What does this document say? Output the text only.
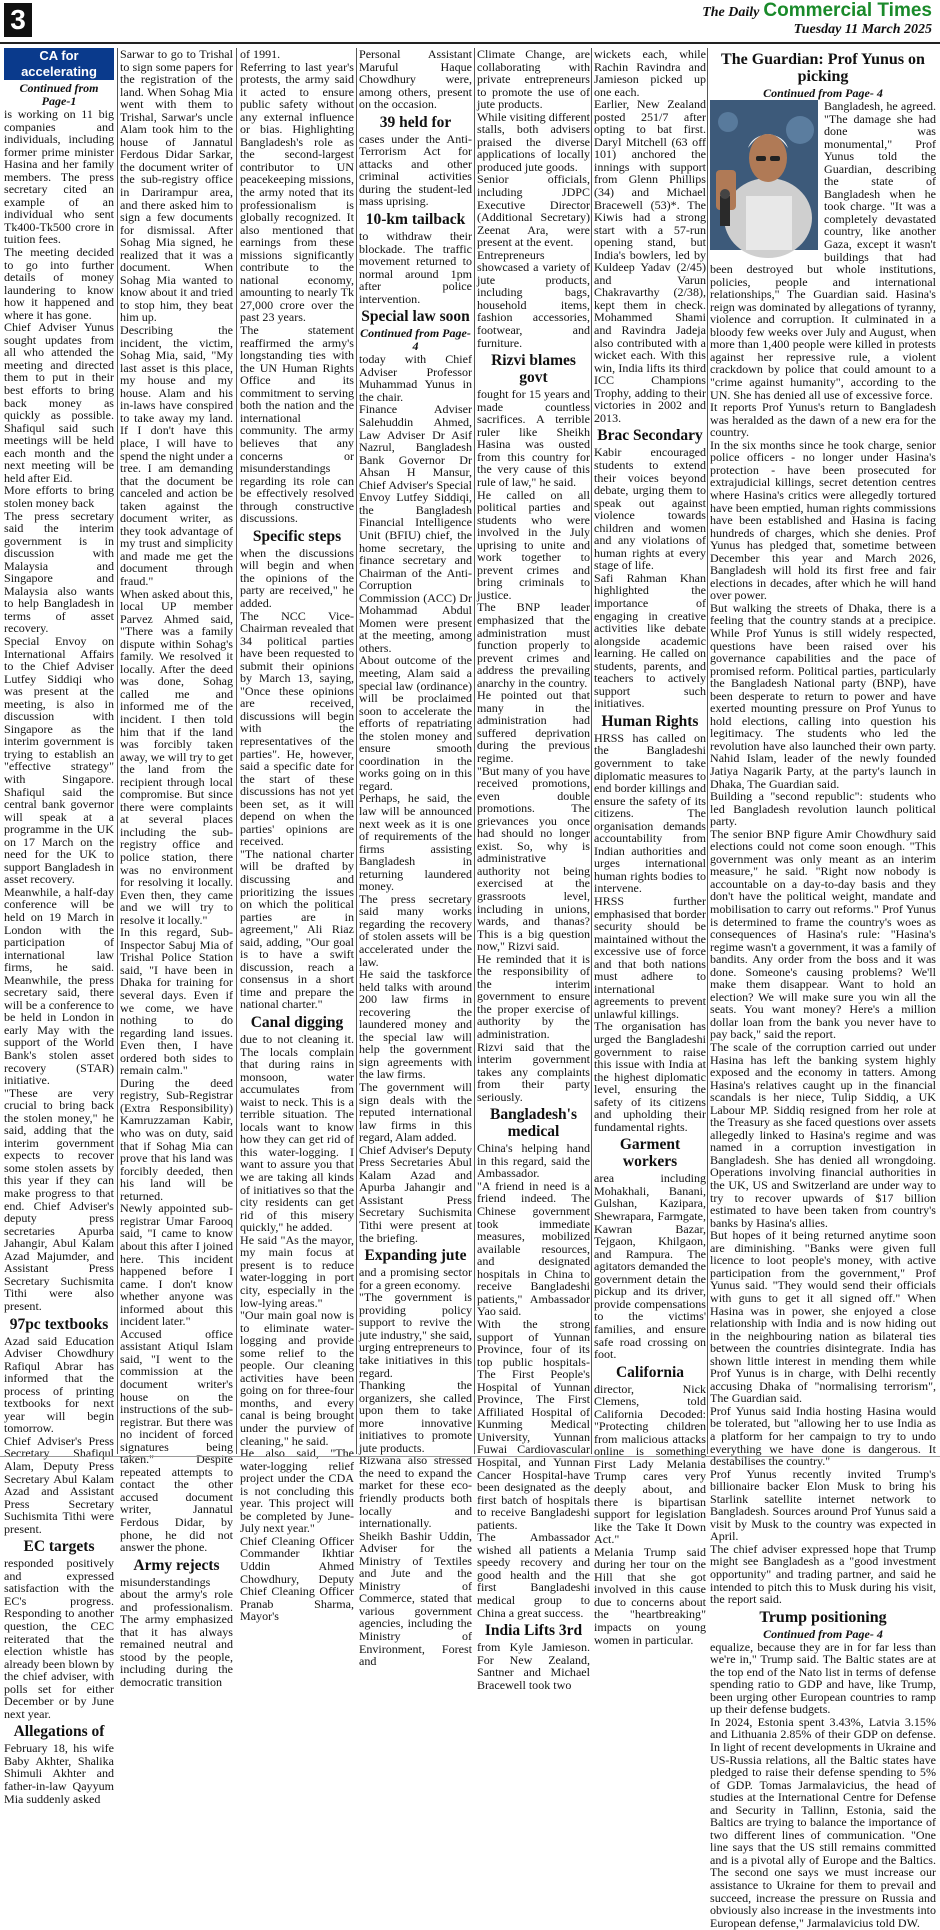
3	The Daily Commercial Times
Tuesday 11 March 2025
CA for accelerating
Continued from Page-1

is working on 11 big companies and individuals, including former prime minister Hasina and her family members. The press secretary cited an example of an individual who sent Tk400-Tk500 crore in tuition fees.

The meeting decided to go into further details of money laundering to know how it happened and where it has gone.

Chief Adviser Yunus sought updates from all who attended the meeting and directed them to put in their best efforts to bring back money as quickly as possible. Shafiqul said such meetings will be held each month and the next meeting will be held after Eid.

More efforts to bring stolen money back

The press secretary said the interim government is in discussion with Malaysia and Singapore and Malaysia also wants to help Bangladesh in terms of asset recovery.

Special Envoy on International Affairs to the Chief Adviser Lutfey Siddiqi who was present at the meeting, is also in discussion with Singapore as the interim government is trying to establish an "effective strategy" with Singapore. Shafiqul said the central bank governor will speak at a programme in the UK on 17 March on the need for the UK to support Bangladesh in asset recovery.

Meanwhile, a half-day conference will be held on 19 March in London with the participation of international law firms, he said. Meanwhile, the press secretary said, there will be a conference to be held in London in early May with the support of the World Bank's stolen asset recovery (STAR) initiative.

"These are very crucial to bring back the stolen money," he said, adding that the interim government expects to recover some stolen assets by this year if they can make progress to that end. Chief Adviser's deputy press secretaries Apurba Jahangir, Abul Kalam Azad Majumder, and Assistant Press Secretary Suchismita Tithi were also present.

97pc textbooks

Azad said Education Adviser Chowdhury Rafiqul Abrar has informed that the process of printing textbooks for next year will begin tomorrow.

Chief Adviser's Press Secretary Shafiqul Alam, Deputy Press Secretary Abul Kalam Azad and Assistant Press Secretary Suchismita Tithi were present.

EC targets

responded positively and expressed satisfaction with the EC's progress. Responding to another question, the CEC reiterated that the election whistle has already been blown by the chief adviser, with polls set for either December or by June next year.

Allegations of

February 18, his wife Baby Akhter, Shalika Shimuli Akhter and father-in-law Qayyum Mia suddenly asked

Sarwar to go to Trishal to sign some papers for the registration of the land. When Sohag Mia went with them to Trishal, Sarwar's uncle Alam took him to the house of Jannatul Ferdous Didar Sarkar, the document writer of the sub-registry office in Darirampur area, and there asked him to sign a few documents for dismissal. After Sohag Mia signed, he realized that it was a document. When Sohag Mia wanted to know about it and tried to stop him, they beat him up.

Describing the incident, the victim, Sohag Mia, said, "My last asset is this place, my house and my house. Alam and his in-laws have conspired to take away my land. If I don't have this place, I will have to spend the night under a tree. I am demanding that the document be canceled and action be taken against the document writer, as they took advantage of my trust and simplicity and made me get the document through fraud."

When asked about this, local UP member Parvez Ahmed said, "There was a family dispute within Sohag's family. We resolved it locally. After the deed was done, Sohag called me and informed me of the incident. I then told him that if the land was forcibly taken away, we will try to get the land from the recipient through local compromise. But since there were complaints at several places including the sub-registry office and police station, there was no environment for resolving it locally. Even then, they came and we will try to resolve it locally."

In this regard, Sub-Inspector Sabuj Mia of Trishal Police Station said, "I have been in Dhaka for training for several days. Even if we come, we have nothing to do regarding land issues. Even then, I have ordered both sides to remain calm."

During the deed registry, Sub-Registrar (Extra Responsibility) Kamruzzaman Kabir, who was on duty, said that if Sohag Mia can prove that his land was forcibly deeded, then his land will be returned.

Newly appointed sub-registrar Umar Farooq said, "I came to know about this after I joined here. This incident happened before I came. I don't know whether anyone was informed about this incident later."

Accused office assistant Atiqul Islam said, "I went to the commission at the document writer's house on the instructions of the sub-registrar. But there was no incident of forced signatures being taken." Despite repeated attempts to contact the other accused document writer, Jannatul Ferdous Didar, by phone, he did not answer the phone.

Army rejects

misunderstandings about the army's role and professionalism. The army emphasized that it has always remained neutral and stood by the people, including during the democratic transition

of 1991.

Referring to last year's protests, the army said it acted to ensure public safety without any external influence or bias. Highlighting Bangladesh's role as the second-largest contributor to UN peacekeeping missions, the army noted that its professionalism is globally recognized. It also mentioned that earnings from these missions significantly contribute to the national economy, amounting to nearly Tk 27,000 crore over the past 23 years.

The statement reaffirmed the army's longstanding ties with the UN Human Rights Office and its commitment to serving both the nation and the international community. The army believes that any concerns or misunderstandings regarding its role can be effectively resolved through constructive discussions.

Specific steps

when the discussions will begin and when the opinions of the party are received," he added.

The NCC Vice-Chairman revealed that 34 political parties have been requested to submit their opinions by March 13, saying, "Once these opinions are received, discussions will begin with the representatives of the parties". He, however, said a specific date for the start of these discussions has not yet been set, as it will depend on when the parties' opinions are received.

"The national charter will be drafted by discussing and prioritizing the issues on which the political parties are in agreement," Ali Riaz said, adding, "Our goal is to have a swift discussion, reach a consensus in a short time and prepare the national charter."

Canal digging

due to not cleaning it. The locals complain that during rains in monsoon, water accumulates from waist to neck. This is a terrible situation. The locals want to know how they can get rid of this water-logging. I want to assure you that we are taking all kinds of initiatives so that the city residents can get rid of this misery quickly," he added.

He said "As the mayor, my main focus at present is to reduce water-logging in port city, especially in the low-lying areas."

"Our main goal now is to eliminate water-logging and provide some relief to the people. Our cleaning activities have been going on for three-four months, and every canal is being brought under the purview of cleaning," he said.

He also said, "The water-logging relief project under the CDA is not concluding this year. This project will be completed by June-July next year."

Chief Cleaning Officer Commander Ikhtiar Uddin Ahmed Chowdhury, Deputy Chief Cleaning Officer Pranab Sharma, Mayor's

Personal Assistant Maruful Haque Chowdhury were, among others, present on the occasion.

39 held for

cases under the Anti-Terrorism Act for attacks and other criminal activities during the student-led mass uprising.

10-km tailback

to withdraw their blockade. The traffic movement returned to normal around 1pm after police intervention.

Special law soon
Continued from Page- 4

today with Chief Adviser Professor Muhammad Yunus in the chair.

Finance Adviser Salehuddin Ahmed, Law Adviser Dr Asif Nazrul, Bangladesh Bank Governor Dr Ahsan H Mansur, Chief Adviser's Special Envoy Lutfey Siddiqi, the Bangladesh Financial Intelligence Unit (BFIU) chief, the home secretary, the finance secretary and Chairman of the Anti-Corruption Commission (ACC) Dr Mohammad Abdul Momen were present at the meeting, among others.

About outcome of the meeting, Alam said a special law (ordinance) will be proclaimed soon to accelerate the efforts of repatriating the stolen money and ensure smooth coordination in the works going on in this regard.

Perhaps, he said, the law will be announced next week as it is one of requirements of the firms assisting Bangladesh in returning laundered money.

The press secretary said many works regarding the recovery of stolen assets will be accelerated under the law.

He said the taskforce held talks with around 200 law firms in recovering the laundered money and the special law will help the government sign agreements with the law firms.

The government will sign deals with the reputed international law firms in this regard, Alam added.

Chief Adviser's Deputy Press Secretaries Abul Kalam Azad and Apurba Jahangir and Assistant Press Secretary Suchismita Tithi were present at the briefing.

Expanding jute

and a promising sector for a green economy.

"The government is providing policy support to revive the jute industry," she said, urging entrepreneurs to take initiatives in this regard.

Thanking the organizers, she called upon them to take more innovative initiatives to promote jute products.

Rizwana also stressed the need to expand the market for these eco-friendly products both locally and internationally.

Sheikh Bashir Uddin, Adviser for the Ministry of Textiles and Jute and the Ministry of Commerce, stated that various government agencies, including the Ministry of Environment, Forest and

Climate Change, are collaborating with private entrepreneurs to promote the use of jute products.

While visiting different stalls, both advisers praised the diverse applications of locally produced jute goods.

Senior officials, including JDPC Executive Director (Additional Secretary) Zeenat Ara, were present at the event.

Entrepreneurs showcased a variety of jute products, including bags, household items, fashion accessories, footwear, and furniture.

Rizvi blames govt

fought for 15 years and made countless sacrifices. A terrible ruler like Sheikh Hasina was ousted from this country for the very cause of this rule of law," he said.

He called on all political parties and students who were involved in the July uprising to unite and work together to prevent crimes and bring criminals to justice.

The BNP leader emphasized that the administration must function properly to prevent crimes and address the prevailing anarchy in the country.

He pointed out that many in the administration had suffered deprivation during the previous regime.

"But many of you have received promotions, even double promotions. The grievances you once had should no longer exist. So, why is administrative authority not being exercised at the grassroots level, including in unions, wards, and thanas? This is a big question now," Rizvi said.

He reminded that it is the responsibility of the interim government to ensure the proper exercise of authority by the administration.

Rizvi said that the interim government takes any complaints from their party seriously.

Bangladesh's medical

China's helping hand in this regard, said the Ambassador.

"A friend in need is a friend indeed. The Chinese government took immediate measures, mobilized available resources, and designated hospitals in China to receive Bangladeshi patients," Ambassador Yao said.

With the strong support of Yunnan Province, four of its top public hospitals-The First People's Hospital of Yunnan Province, The First Affiliated Hospital of Kunming Medical University, Yunnan Fuwai Cardiovascular Hospital, and Yunnan Cancer Hospital-have been designated as the first batch of hospitals to receive Bangladeshi patients.

The Ambassador wished all patients a speedy recovery and good health and the first Bangladeshi medical group to China a great success.

India Lifts 3rd

from Kyle Jamieson. For New Zealand, Santner and Michael Bracewell took two

wickets each, while Rachin Ravindra and Jamieson picked up one each.

Earlier, New Zealand posted 251/7 after opting to bat first. Daryl Mitchell (63 off 101) anchored the innings with support from Glenn Phillips (34) and Michael Bracewell (53)*. The Kiwis had a strong start with a 57-run opening stand, but India's bowlers, led by Kuldeep Yadav (2/45) and Varun Chakravarthy (2/38), kept them in check. Mohammed Shami and Ravindra Jadeja also contributed with a wicket each. With this win, India lifts its third ICC Champions Trophy, adding to their victories in 2002 and 2013.

Brac Secondary

Kabir encouraged students to extend their voices beyond debate, urging them to speak out against violence towards children and women and any violations of human rights at every stage of life.

Safi Rahman Khan highlighted the importance of engaging in creative activities like debate alongside academic learning. He called on students, parents, and teachers to actively support such initiatives.

Human Rights

HRSS has called on the Bangladeshi government to take diplomatic measures to end border killings and ensure the safety of its citizens. The organisation demands accountability from Indian authorities and urges international human rights bodies to intervene.

HRSS further emphasised that border security should be maintained without the excessive use of force and that both nations must adhere to international agreements to prevent unlawful killings.

The organisation has urged the Bangladeshi government to raise this issue with India at the highest diplomatic level, ensuring the safety of its citizens and upholding their fundamental rights.

Garment workers

area including Mohakhali, Banani, Gulshan, Kazipara, Shewrapara, Farmgate, Kawran Bazar, Tejgaon, Khilgaon, and Rampura. The agitators demanded the government detain the pickup and its driver, provide compensations to the victims' families, and ensure safe road crossing on foot.

California

director, Nick Clemens, told California Decoded: "Protecting children from malicious attacks online is something First Lady Melania Trump cares very deeply about, and there is bipartisan support for legislation like the Take It Down Act."

Melania Trump said during her tour on the Hill that she got involved in this cause due to concerns about the "heartbreaking" impacts on young women in particular.

The Guardian: Prof Yunus on picking
Continued from Page- 4

Bangladesh, he agreed. "The damage she had done was monumental," Prof Yunus told the Guardian, describing the state of Bangladesh when he took charge. "It was a completely devastated country, like another Gaza, except it wasn't buildings that had been destroyed but whole institutions, policies, people and international relationships," The Guardian said. Hasina's reign was dominated by allegations of tyranny, violence and corruption. It culminated in a bloody few weeks over July and August, when more than 1,400 people were killed in protests against her repressive rule, a violent crackdown by police that could amount to a "crime against humanity", according to the UN. She has denied all use of excessive force.

It reports Prof Yunus's return to Bangladesh was heralded as the dawn of a new era for the country.

In the six months since he took charge, senior police officers - no longer under Hasina's protection - have been prosecuted for extrajudicial killings, secret detention centres where Hasina's critics were allegedly tortured have been emptied, human rights commissions have been established and Hasina is facing hundreds of charges, which she denies. Prof Yunus has pledged that, sometime between December this year and March 2026, Bangladesh will hold its first free and fair elections in decades, after which he will hand over power.

But walking the streets of Dhaka, there is a feeling that the country stands at a precipice. While Prof Yunus is still widely respected, questions have been raised over his governance capabilities and the pace of promised reform. Political parties, particularly the Bangladesh National party (BNP), have been desperate to return to power and have exerted mounting pressure on Prof Yunus to hold elections, calling into question his legitimacy. The students who led the revolution have also launched their own party. Nahid Islam, leader of the newly founded Jatiya Nagarik Party, at the party's launch in Dhaka, The Guardian said.

Building a "second republic": students who led Bangladesh revolution launch political party.

The senior BNP figure Amir Chowdhury said elections could not come soon enough. "This government was only meant as an interim measure," he said. "Right now nobody is accountable on a day-to-day basis and they don't have the political weight, mandate and mobilisation to carry out reforms." Prof Yunus is determined to frame the country's woes as consequences of Hasina's rule: "Hasina's regime wasn't a government, it was a family of bandits. Any order from the boss and it was done. Someone's causing problems? We'll make them disappear. Want to hold an election? We will make sure you win all the seats. You want money? Here's a million dollar loan from the bank you never have to pay back," said the report.

The scale of the corruption carried out under Hasina has left the banking system highly exposed and the economy in tatters. Among Hasina's relatives caught up in the financial scandals is her niece, Tulip Siddiq, a UK Labour MP. Siddiq resigned from her role at the Treasury as she faced questions over assets allegedly linked to Hasina's regime and was named in a corruption investigation in Bangladesh. She has denied all wrongdoing. Operations involving financial authorities in the UK, US and Switzerland are under way to try to recover upwards of $17 billion estimated to have been taken from country's banks by Hasina's allies.

But hopes of it being returned anytime soon are diminishing. "Banks were given full licence to loot people's money, with active participation from the government," Prof Yunus said. "They would send their officials with guns to get it all signed off." When Hasina was in power, she enjoyed a close relationship with India and is now hiding out in the neighbouring nation as bilateral ties between the countries disintegrate. India has shown little interest in mending them while Prof Yunus is in charge, with Delhi recently accusing Dhaka of "normalising terrorism", The Guardian said.

Prof Yunus said India hosting Hasina would be tolerated, but "allowing her to use India as a platform for her campaign to try to undo everything we have done is dangerous. It destabilises the country."

Prof Yunus recently invited Trump's billionaire backer Elon Musk to bring his Starlink satellite internet network to Bangladesh. Sources around Prof Yunus said a visit by Musk to the country was expected in April.

The chief adviser expressed hope that Trump might see Bangladesh as a "good investment opportunity" and trading partner, and said he intended to pitch this to Musk during his visit, the report said.

Trump positioning
Continued from Page- 4

equalize, because they are in for far less than we're in," Trump said. The Baltic states are at the top end of the Nato list in terms of defense spending ratio to GDP and have, like Trump, been urging other European countries to ramp up their defense budgets.

In 2024, Estonia spent 3.43%, Latvia 3.15% and Lithuania 2.85% of their GDP on defense. In light of recent developments in Ukraine and US-Russia relations, all the Baltic states have pledged to raise their defense spending to 5% of GDP. Tomas Jarmalavicius, the head of studies at the International Centre for Defense and Security in Tallinn, Estonia, said the Baltics are trying to balance the importance of two different lines of communication. "One line says that the US still remains committed and is a pivotal ally of Europe and the Baltics. The second one says we must increase our assistance to Ukraine for them to prevail and succeed, increase the pressure on Russia and obviously also increase in the investments into European defense," Jarmalavicius told DW.
